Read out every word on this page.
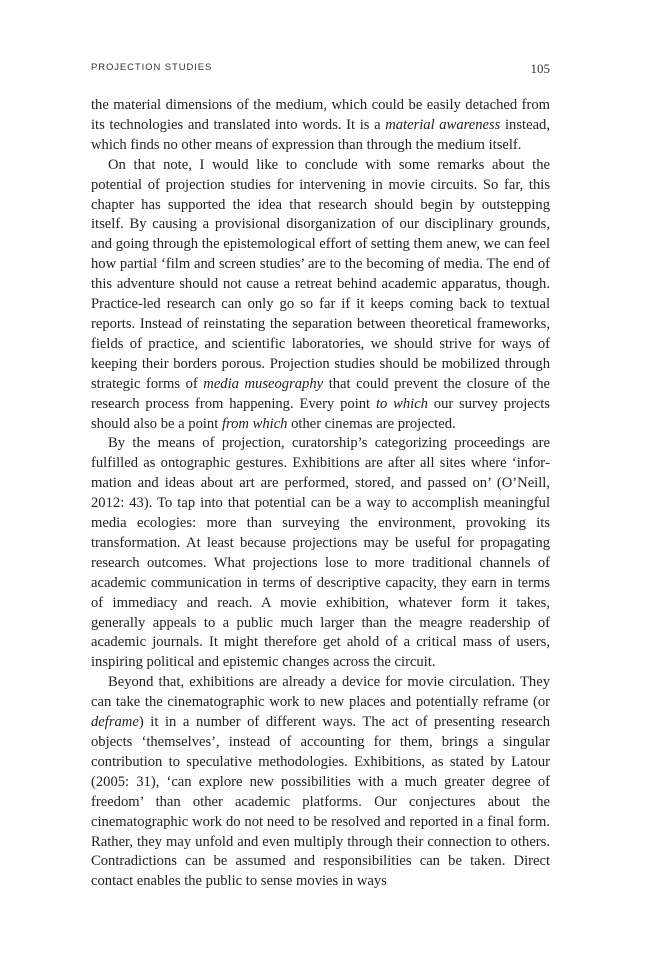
PROJECTION STUDIES	105

the material dimensions of the medium, which could be easily detached from its technologies and translated into words. It is a material awareness instead, which finds no other means of expression than through the medium itself.

On that note, I would like to conclude with some remarks about the potential of projection studies for intervening in movie circuits. So far, this chapter has supported the idea that research should begin by outstepping itself. By causing a provisional disorganization of our disciplinary grounds, and going through the epistemological effort of setting them anew, we can feel how partial ‘film and screen studies’ are to the becoming of media. The end of this adventure should not cause a retreat behind academic apparatus, though. Practice-led research can only go so far if it keeps coming back to textual reports. Instead of reinstating the separation between theoretical frameworks, fields of practice, and scientific laboratories, we should strive for ways of keeping their borders porous. Projection studies should be mobilized through strategic forms of media museography that could prevent the closure of the research process from happening. Every point to which our survey projects should also be a point from which other cinemas are projected.

By the means of projection, curatorship’s categorizing proceedings are fulfilled as ontographic gestures. Exhibitions are after all sites where ‘information and ideas about art are performed, stored, and passed on’ (O’Neill, 2012: 43). To tap into that potential can be a way to accomplish meaningful media ecologies: more than surveying the environment, provoking its transformation. At least because projections may be useful for propagating research outcomes. What projections lose to more traditional channels of academic communication in terms of descriptive capacity, they earn in terms of immediacy and reach. A movie exhibition, whatever form it takes, generally appeals to a public much larger than the meagre readership of academic journals. It might therefore get ahold of a critical mass of users, inspiring political and epistemic changes across the circuit.

Beyond that, exhibitions are already a device for movie circulation. They can take the cinematographic work to new places and potentially reframe (or deframe) it in a number of different ways. The act of presenting research objects ‘themselves’, instead of accounting for them, brings a singular contribution to speculative methodologies. Exhibitions, as stated by Latour (2005: 31), ‘can explore new possibilities with a much greater degree of freedom’ than other academic platforms. Our conjectures about the cinematographic work do not need to be resolved and reported in a final form. Rather, they may unfold and even multiply through their connection to others. Contradictions can be assumed and responsibilities can be taken. Direct contact enables the public to sense movies in ways
